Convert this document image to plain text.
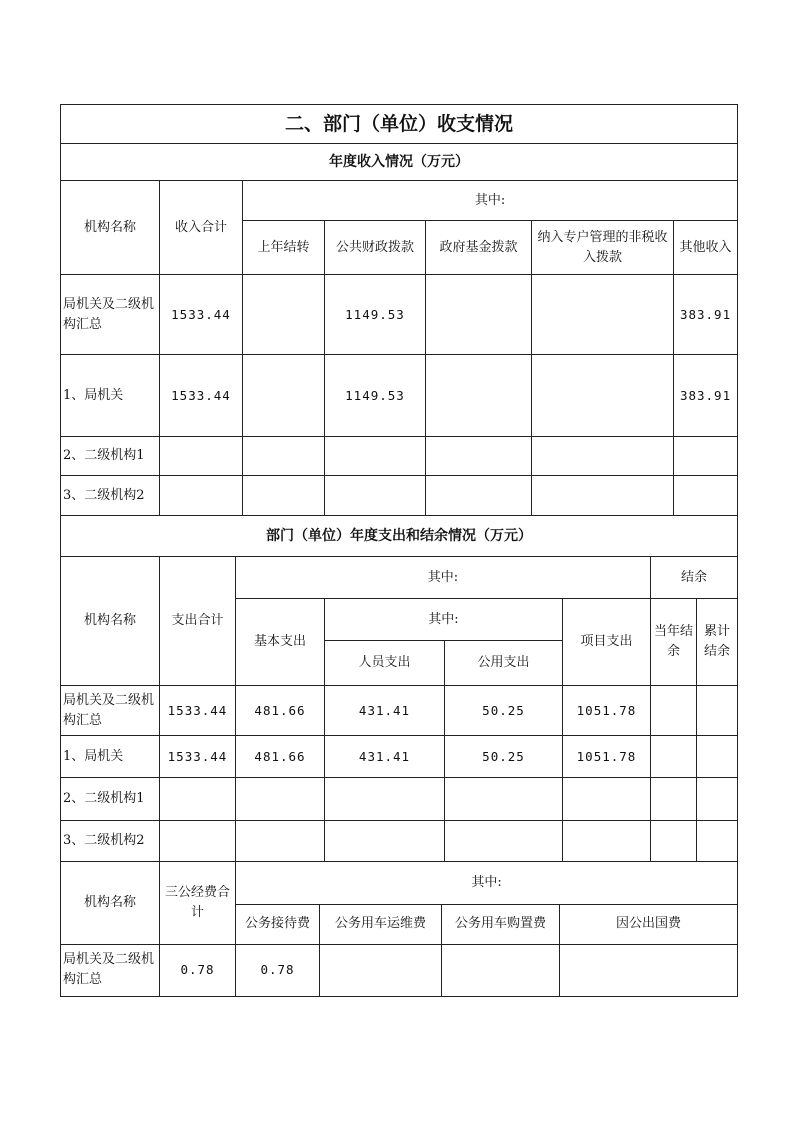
二、部门（单位）收支情况						
年度收入情况（万元）						
机构名称	收入合计	其中:				
		上年结转	公共财政拨款	政府基金拨款	纳入专户管理的非税收入拨款	其他收入
局机关及二级机构汇总	1533.44		1149.53			383.91
1、局机关	1533.44		1149.53			383.91
2、二级机构1						
3、二级机构2						
部门（单位）年度支出和结余情况（万元）							
机构名称	支出合计	其中:				结余	
		基本支出	其中:		项目支出	当年结余	累计结余
			人员支出	公用支出			
局机关及二级机构汇总	1533.44	481.66	431.41	50.25	1051.78		
1、局机关	1533.44	481.66	431.41	50.25	1051.78		
2、二级机构1							
3、二级机构2							
机构名称	三公经费合计	其中:			
		公务接待费	公务用车运维费	公务用车购置费	因公出国费
局机关及二级机构汇总	0.78	0.78			
